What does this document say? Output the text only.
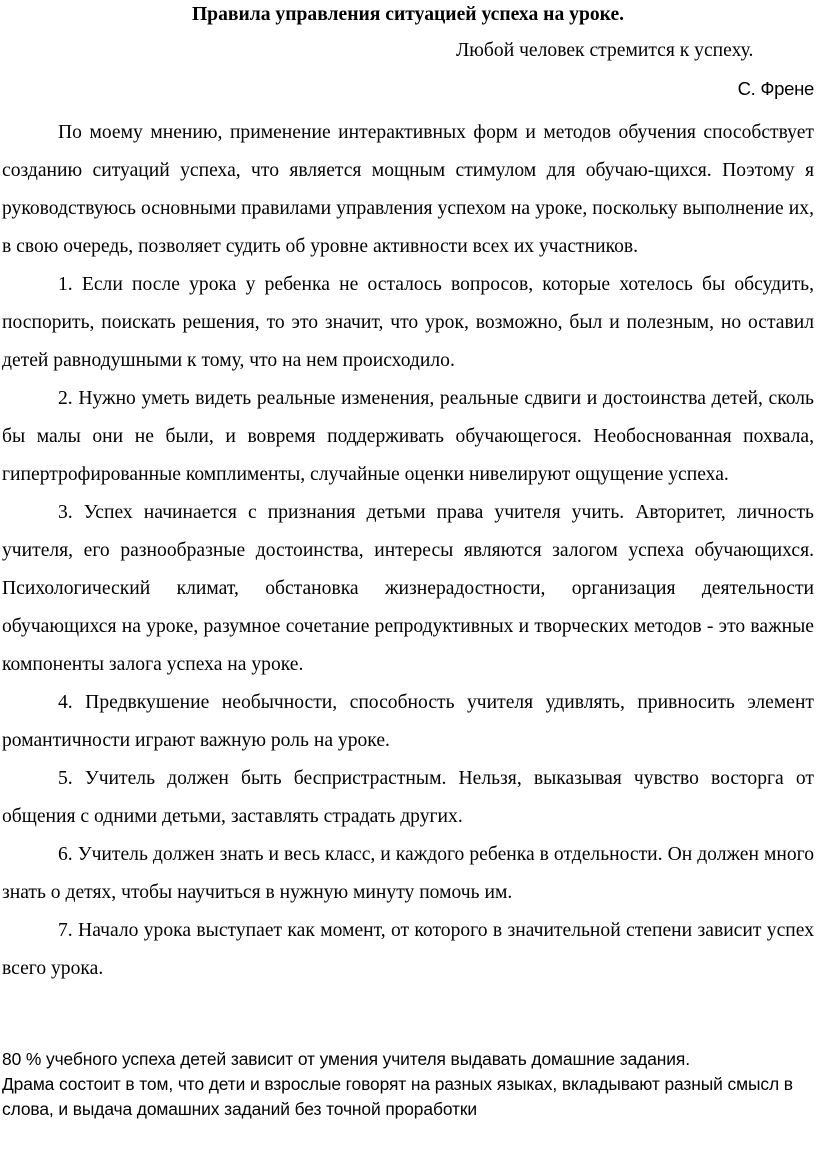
Правила управления ситуацией успеха на уроке.
Любой человек стремится к успеху.
С. Френе

По моему мнению, применение интерактивных форм и методов обучения способствует созданию ситуаций успеха, что является мощным стимулом для обучаю-щихся. Поэтому я руководствуюсь основными правилами управления успехом на уроке, поскольку выполнение их, в свою очередь, позволяет судить об уровне активности всех их участников.

1. Если после урока у ребенка не осталось вопросов, которые хотелось бы обсудить, поспорить, поискать решения, то это значит, что урок, возможно, был и полезным, но оставил детей равнодушными к тому, что на нем происходило.

2. Нужно уметь видеть реальные изменения, реальные сдвиги и достоинства детей, сколь бы малы они не были, и вовремя поддерживать обучающегося. Необоснованная похвала, гипертрофированные комплименты, случайные оценки нивелируют ощущение успеха.

3. Успех начинается с признания детьми права учителя учить. Авторитет, личность учителя, его разнообразные достоинства, интересы являются залогом успеха обучающихся. Психологический климат, обстановка жизнерадостности, организация деятельности обучающихся на уроке, разумное сочетание репродуктивных и творческих методов - это важные компоненты залога успеха на уроке.

4. Предвкушение необычности, способность учителя удивлять, привносить элемент романтичности играют важную роль на уроке.

5. Учитель должен быть беспристрастным. Нельзя, выказывая чувство восторга от общения с одними детьми, заставлять страдать других.

6. Учитель должен знать и весь класс, и каждого ребенка в отдельности. Он должен много знать о детях, чтобы научиться в нужную минуту помочь им.

7. Начало урока выступает как момент, от которого в значительной степени зависит успех всего урока.

80 % учебного успеха детей зависит от умения учителя выдавать домашние задания.

Драма состоит в том, что дети и взрослые говорят на разных языках, вкладывают разный смысл в слова, и выдача домашних заданий без точной проработки
